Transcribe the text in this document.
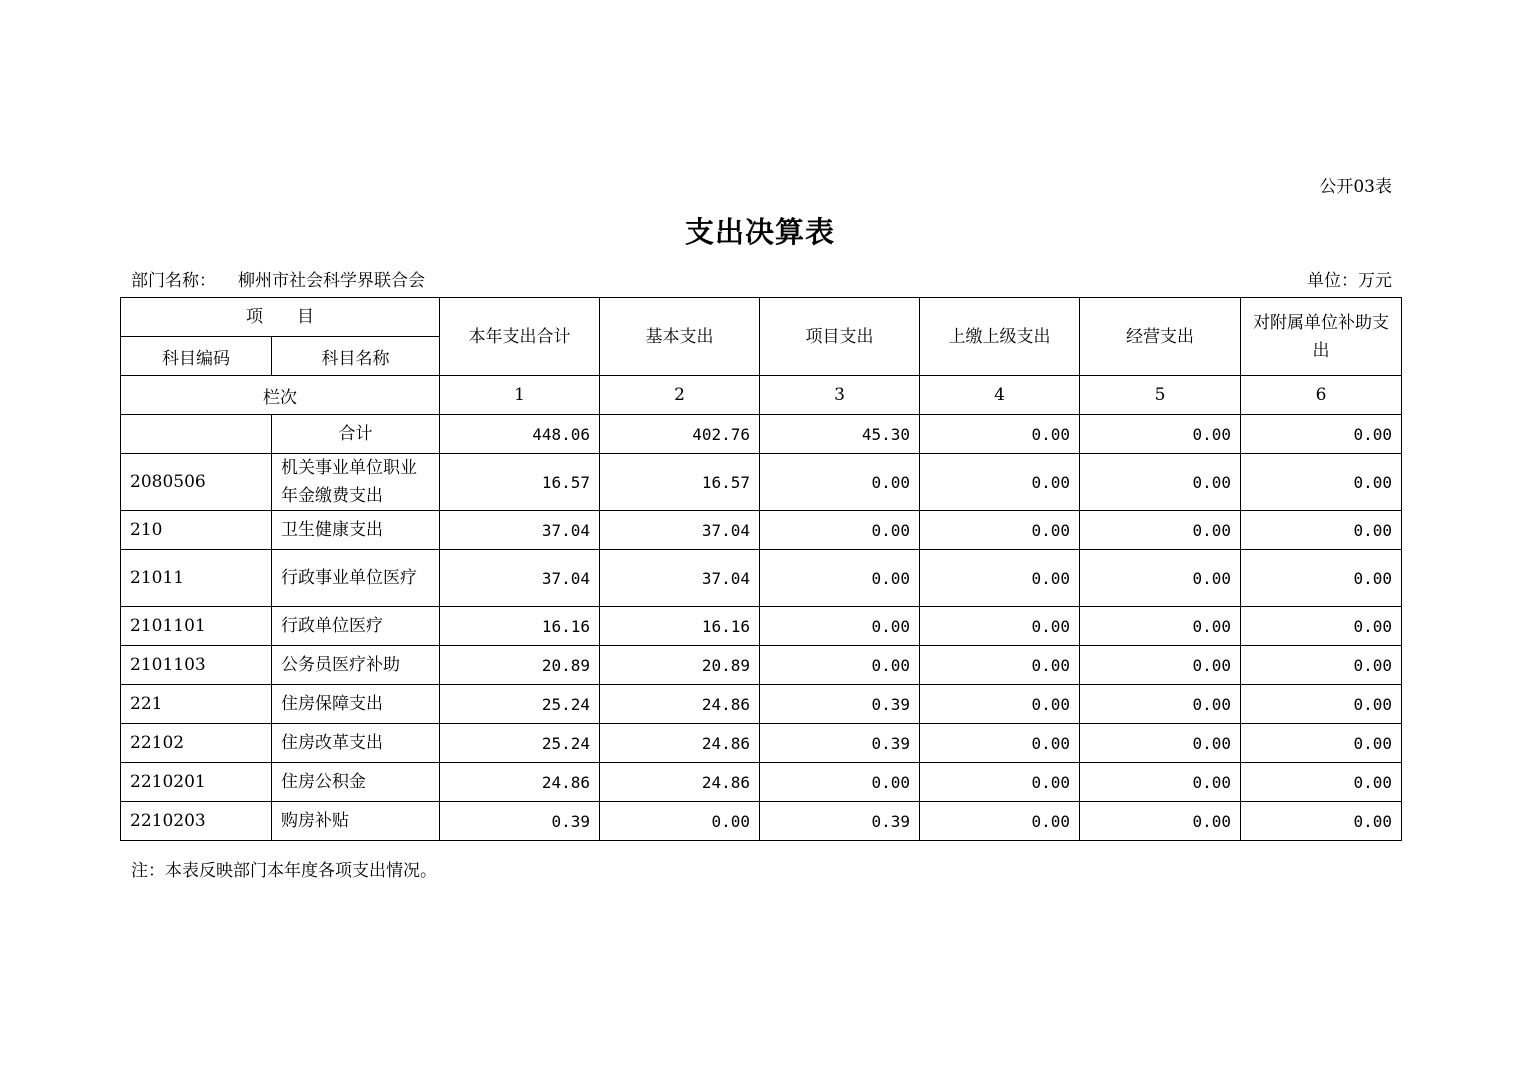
公开03表
支出决算表
部门名称： 柳州市社会科学界联合会	单位：万元
项　　目		本年支出合计	基本支出	项目支出	上缴上级支出	经营支出	对附属单位补助支出
科目编码	科目名称						
栏次		1	2	3	4	5	6
	合计	448.06	402.76	45.30	0.00	0.00	0.00
2080506	机关事业单位职业年金缴费支出	16.57	16.57	0.00	0.00	0.00	0.00
210	卫生健康支出	37.04	37.04	0.00	0.00	0.00	0.00
21011	行政事业单位医疗	37.04	37.04	0.00	0.00	0.00	0.00
2101101	行政单位医疗	16.16	16.16	0.00	0.00	0.00	0.00
2101103	公务员医疗补助	20.89	20.89	0.00	0.00	0.00	0.00
221	住房保障支出	25.24	24.86	0.39	0.00	0.00	0.00
22102	住房改革支出	25.24	24.86	0.39	0.00	0.00	0.00
2210201	住房公积金	24.86	24.86	0.00	0.00	0.00	0.00
2210203	购房补贴	0.39	0.00	0.39	0.00	0.00	0.00
注：本表反映部门本年度各项支出情况。
